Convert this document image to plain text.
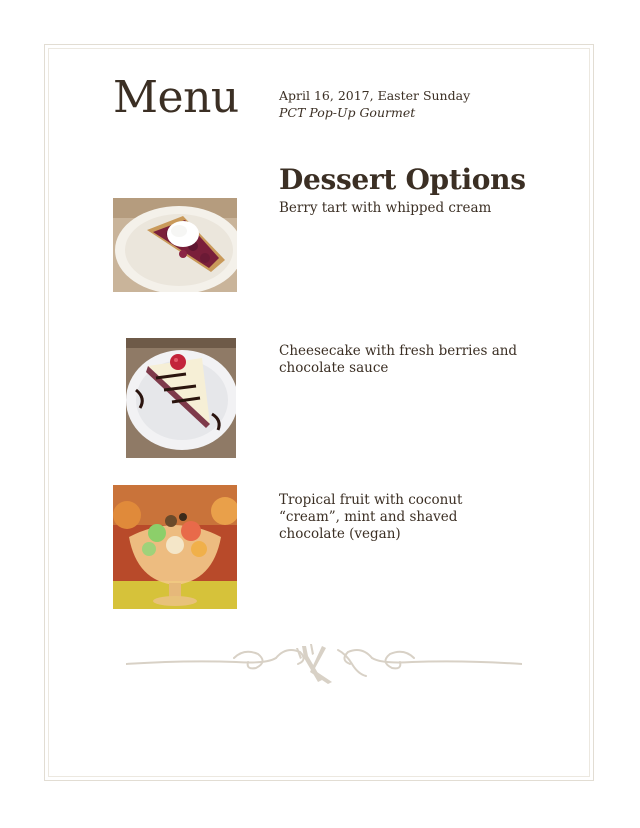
Menu	April 16, 2017, Easter Sunday
PCT Pop-Up Gourmet
Dessert Options
Berry tart with whipped cream
Cheesecake with fresh berries and chocolate sauce
Tropical fruit with coconut “cream”, mint and shaved chocolate (vegan)
